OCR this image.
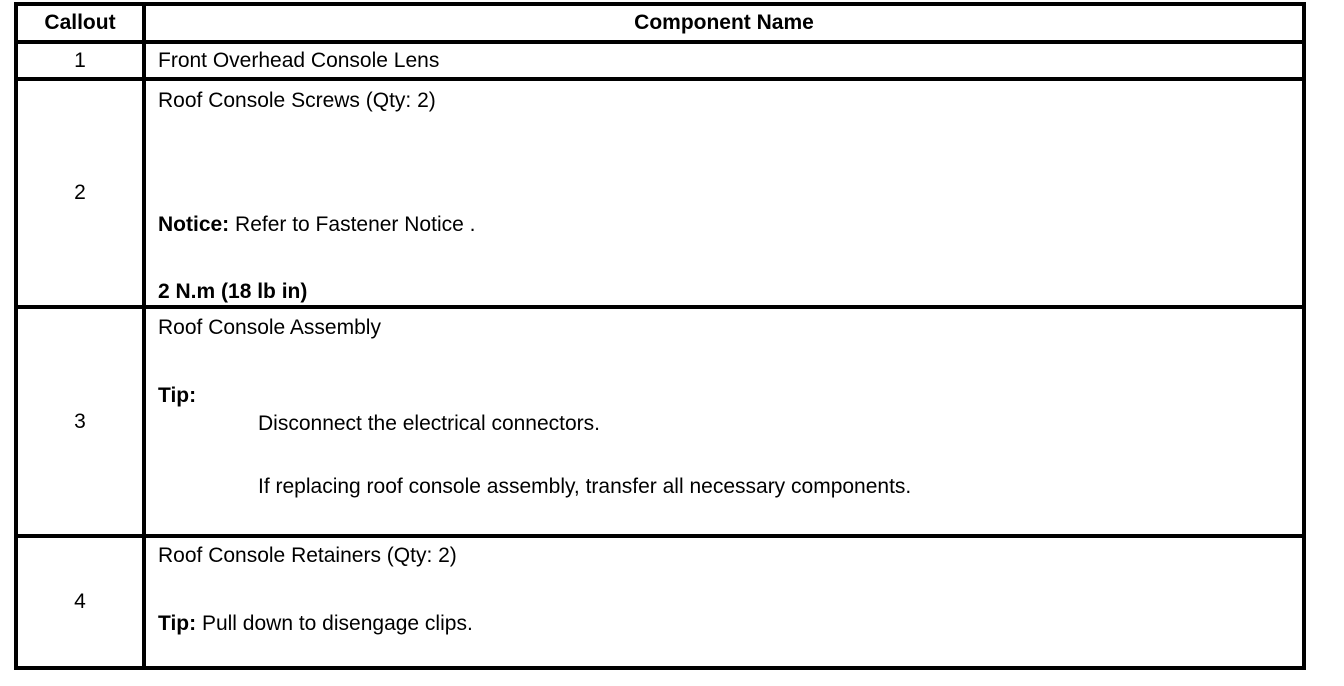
Callout	Component Name
1	Front Overhead Console Lens
2
Roof Console Screws (Qty: 2)
Notice: Refer to Fastener Notice .
2 N.m (18 lb in)
3
Roof Console Assembly
Tip:
Disconnect the electrical connectors.
If replacing roof console assembly, transfer all necessary components.
4
Roof Console Retainers (Qty: 2)
Tip: Pull down to disengage clips.
